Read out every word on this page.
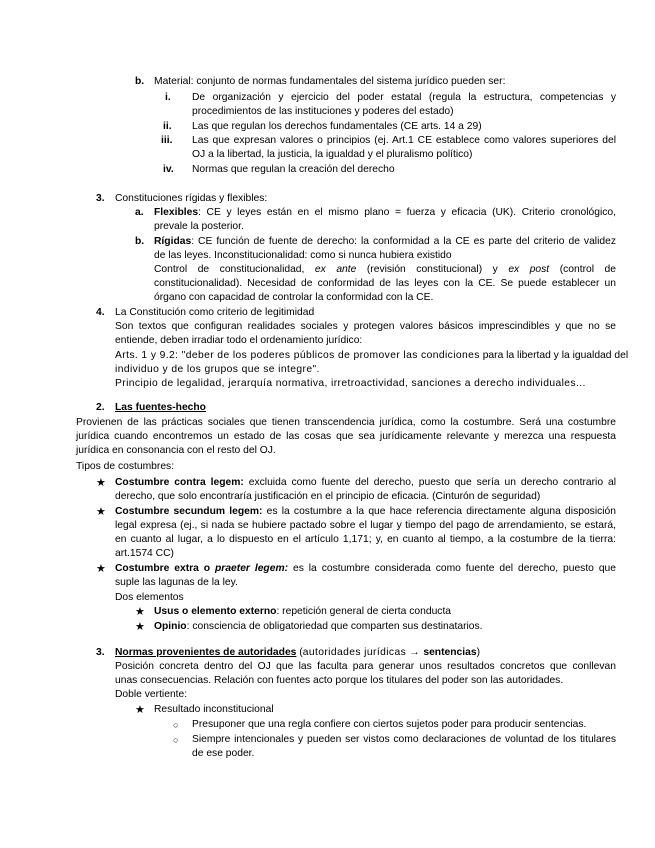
b. Material: conjunto de normas fundamentales del sistema jurídico pueden ser:
i. De organización y ejercicio del poder estatal (regula la estructura, competencias y
procedimientos de las instituciones y poderes del estado)
ii. Las que regulan los derechos fundamentales (CE arts. 14 a 29)
iii. Las que expresan valores o principios (ej. Art.1 CE establece como valores superiores del
OJ a la libertad, la justicia, la igualdad y el pluralismo político)
iv. Normas que regulan la creación del derecho
3. Constituciones rígidas y flexibles:
a. Flexibles: CE y leyes están en el mismo plano = fuerza y eficacia (UK). Criterio cronológico,
prevale la posterior.
b. Rígidas: CE función de fuente de derecho: la conformidad a la CE es parte del criterio de validez
de las leyes. Inconstitucionalidad: como si nunca hubiera existido
Control de constitucionalidad, ex ante (revisión constitucional) y ex post (control de
constitucionalidad). Necesidad de conformidad de las leyes con la CE. Se puede establecer un
órgano con capacidad de controlar la conformidad con la CE.
4. La Constitución como criterio de legitimidad
Son textos que configuran realidades sociales y protegen valores básicos imprescindibles y que no se
entiende, deben irradiar todo el ordenamiento jurídico:
Arts. 1 y 9.2: "deber de los poderes públicos de promover las condiciones para la libertad y la igualdad del
individuo y de los grupos que se integre".
Principio de legalidad, jerarquía normativa, irretroactividad, sanciones a derecho individuales...
2. Las fuentes-hecho
Provienen de las prácticas sociales que tienen transcendencia jurídica, como la costumbre. Será una costumbre
jurídica cuando encontremos un estado de las cosas que sea jurídicamente relevante y merezca una respuesta
jurídica en consonancia con el resto del OJ.
Tipos de costumbres:
★ Costumbre contra legem: excluida como fuente del derecho, puesto que sería un derecho contrario al
derecho, que solo encontraría justificación en el principio de eficacia. (Cinturón de seguridad)
★ Costumbre secundum legem: es la costumbre a la que hace referencia directamente alguna disposición
legal expresa (ej., si nada se hubiere pactado sobre el lugar y tiempo del pago de arrendamiento, se estará,
en cuanto al lugar, a lo dispuesto en el artículo 1,171; y, en cuanto al tiempo, a la costumbre de la tierra:
art.1574 CC)
★ Costumbre extra o praeter legem: es la costumbre considerada como fuente del derecho, puesto que
suple las lagunas de la ley.
Dos elementos
★ Usus o elemento externo: repetición general de cierta conducta
★ Opinio: consciencia de obligatoriedad que comparten sus destinatarios.
3. Normas provenientes de autoridades (autoridades jurídicas → sentencias)
Posición concreta dentro del OJ que las faculta para generar unos resultados concretos que conllevan
unas consecuencias. Relación con fuentes acto porque los titulares del poder son las autoridades.
Doble vertiente:
★ Resultado inconstitucional
○ Presuponer que una regla confiere con ciertos sujetos poder para producir sentencias.
○ Siempre intencionales y pueden ser vistos como declaraciones de voluntad de los titulares
de ese poder.
